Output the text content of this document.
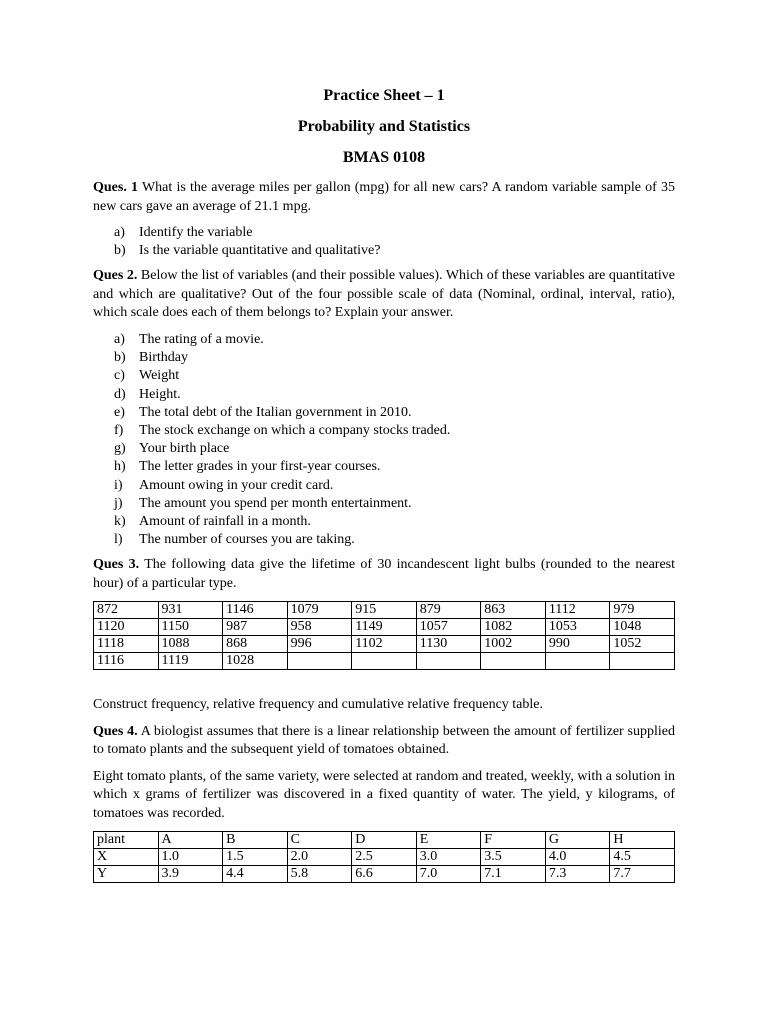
Practice Sheet – 1
Probability and Statistics
BMAS 0108

Ques. 1 What is the average miles per gallon (mpg) for all new cars? A random variable sample of 35 new cars gave an average of 21.1 mpg.

a) Identify the variable
b) Is the variable quantitative and qualitative?

Ques 2. Below the list of variables (and their possible values). Which of these variables are quantitative and which are qualitative? Out of the four possible scale of data (Nominal, ordinal, interval, ratio), which scale does each of them belongs to? Explain your answer.

a) The rating of a movie.
b) Birthday
c) Weight
d) Height.
e) The total debt of the Italian government in 2010.
f) The stock exchange on which a company stocks traded.
g) Your birth place
h) The letter grades in your first-year courses.
i) Amount owing in your credit card.
j) The amount you spend per month entertainment.
k) Amount of rainfall in a month.
l) The number of courses you are taking.

Ques 3. The following data give the lifetime of 30 incandescent light bulbs (rounded to the nearest hour) of a particular type.

872	931	1146	1079	915	879	863	1112	979
1120	1150	987	958	1149	1057	1082	1053	1048
1118	1088	868	996	1102	1130	1002	990	1052
1116	1119	1028						

Construct frequency, relative frequency and cumulative relative frequency table.

Ques 4. A biologist assumes that there is a linear relationship between the amount of fertilizer supplied to tomato plants and the subsequent yield of tomatoes obtained.

Eight tomato plants, of the same variety, were selected at random and treated, weekly, with a solution in which x grams of fertilizer was discovered in a fixed quantity of water. The yield, y kilograms, of tomatoes was recorded.

plant	A	B	C	D	E	F	G	H
X	1.0	1.5	2.0	2.5	3.0	3.5	4.0	4.5
Y	3.9	4.4	5.8	6.6	7.0	7.1	7.3	7.7
